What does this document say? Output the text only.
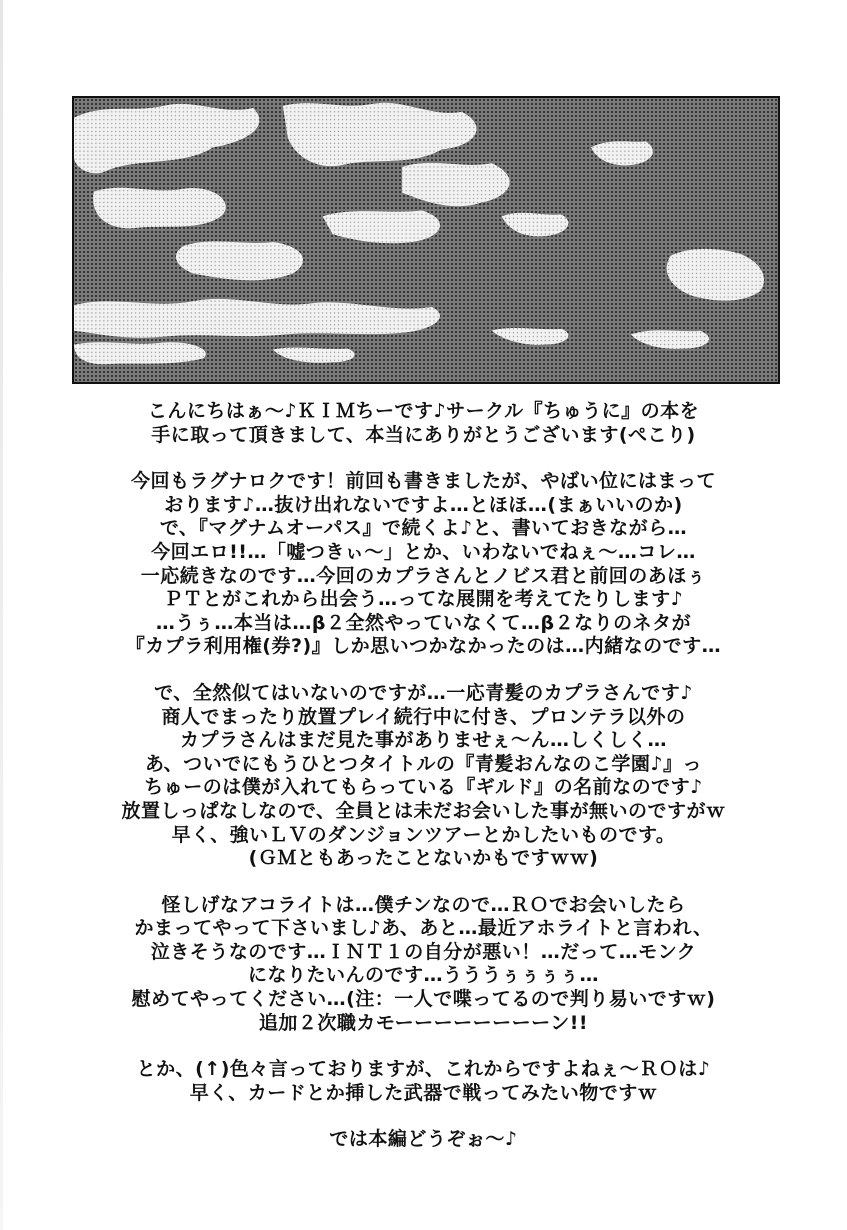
こんにちはぁ～♪ＫＩＭちーです♪サークル『ちゅうに』の本を
手に取って頂きまして、本当にありがとうございます(ぺこり)

今回もラグナロクです！前回も書きましたが、やばい位にはまって
おります♪…抜け出れないですよ…とほほ…(まぁいいのか)
で、『マグナムオーパス』で続くよ♪と、書いておきながら…
今回エロ!!…「嘘つきぃ～」とか、いわないでねぇ～…コレ…
一応続きなのです…今回のカプラさんとノビス君と前回のあほぅ
ＰＴとがこれから出会う…ってな展開を考えてたりします♪
…うぅ…本当は…β２全然やっていなくて…β２なりのネタが
『カプラ利用権(券?)』しか思いつかなかったのは…内緒なのです…

で、全然似てはいないのですが…一応青髪のカプラさんです♪
商人でまったり放置プレイ続行中に付き、プロンテラ以外の
カプラさんはまだ見た事がありませぇ～ん…しくしく…
あ、ついでにもうひとつタイトルの『青髪おんなのこ学園♪』っ
ちゅーのは僕が入れてもらっている『ギルド』の名前なのです♪
放置しっぱなしなので、全員とは未だお会いした事が無いのですがｗ
早く、強いＬＶのダンジョンツアーとかしたいものです。
(ＧＭともあったことないかもですｗｗ)

怪しげなアコライトは…僕チンなので…ＲＯでお会いしたら
かまってやって下さいまし♪あ、あと…最近アホライトと言われ、
泣きそうなのです…ＩＮＴ１の自分が悪い！…だって…モンク
になりたいんのです…うううぅぅぅぅ…
慰めてやってください…(注：一人で喋ってるので判り易いですｗ)
追加２次職カモーーーーーーーーン!!

とか、(↑)色々言っておりますが、これからですよねぇ～ＲＯは♪
早く、カードとか挿した武器で戦ってみたい物ですｗ

では本編どうぞぉ～♪
